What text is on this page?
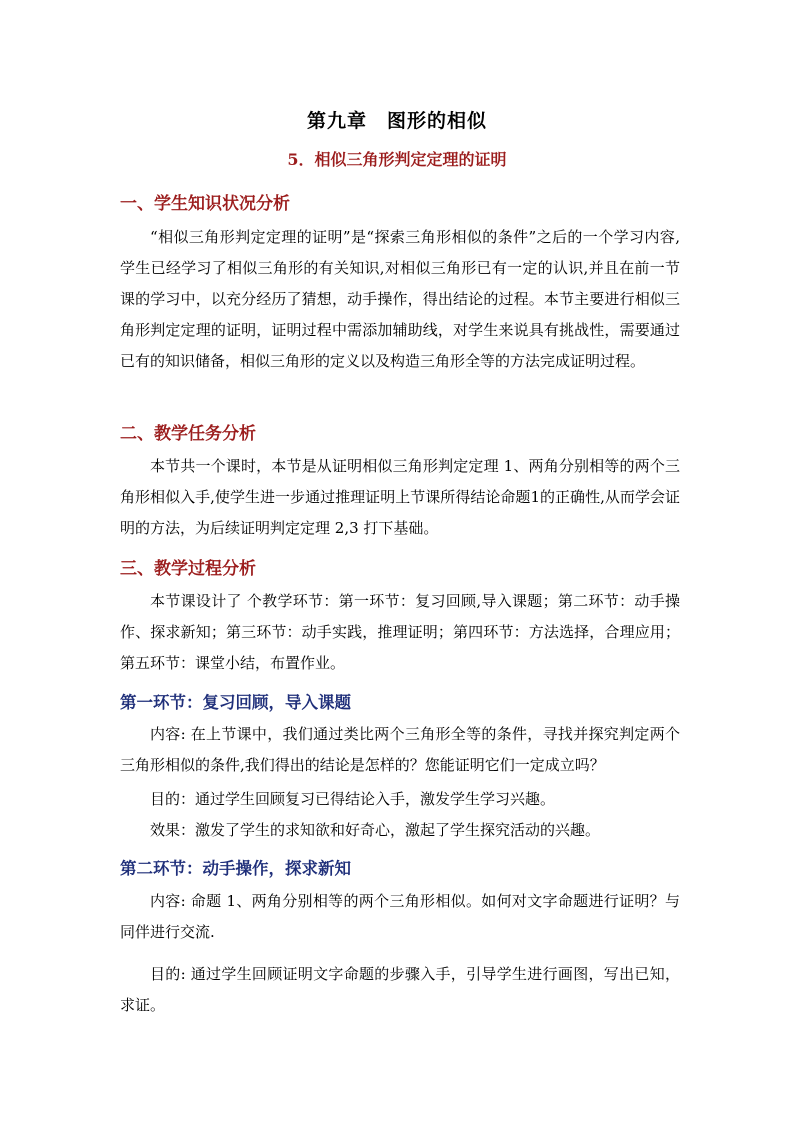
第九章　图形的相似
5．相似三角形判定定理的证明
一、学生知识状况分析
“相似三角形判定定理的证明”是“探索三角形相似的条件”之后的一个学习内容,学生已经学习了相似三角形的有关知识,对相似三角形已有一定的认识,并且在前一节课的学习中，以充分经历了猜想，动手操作，得出结论的过程。本节主要进行相似三角形判定定理的证明，证明过程中需添加辅助线，对学生来说具有挑战性，需要通过已有的知识储备，相似三角形的定义以及构造三角形全等的方法完成证明过程。
二、教学任务分析
本节共一个课时，本节是从证明相似三角形判定定理 1、两角分别相等的两个三角形相似入手,使学生进一步通过推理证明上节课所得结论命题1的正确性,从而学会证明的方法，为后续证明判定定理 2,3 打下基础。
三、教学过程分析
本节课设计了 个教学环节：第一环节：复习回顾,导入课题；第二环节：动手操作、探求新知；第三环节：动手实践，推理证明；第四环节：方法选择，合理应用；第五环节：课堂小结，布置作业。
第一环节：复习回顾，导入课题
内容: 在上节课中，我们通过类比两个三角形全等的条件，寻找并探究判定两个三角形相似的条件,我们得出的结论是怎样的？您能证明它们一定成立吗？
目的：通过学生回顾复习已得结论入手，激发学生学习兴趣。
效果：激发了学生的求知欲和好奇心，激起了学生探究活动的兴趣。
第二环节：动手操作，探求新知
内容: 命题 1、两角分别相等的两个三角形相似。如何对文字命题进行证明？与同伴进行交流.
目的: 通过学生回顾证明文字命题的步骤入手，引导学生进行画图，写出已知，求证。
